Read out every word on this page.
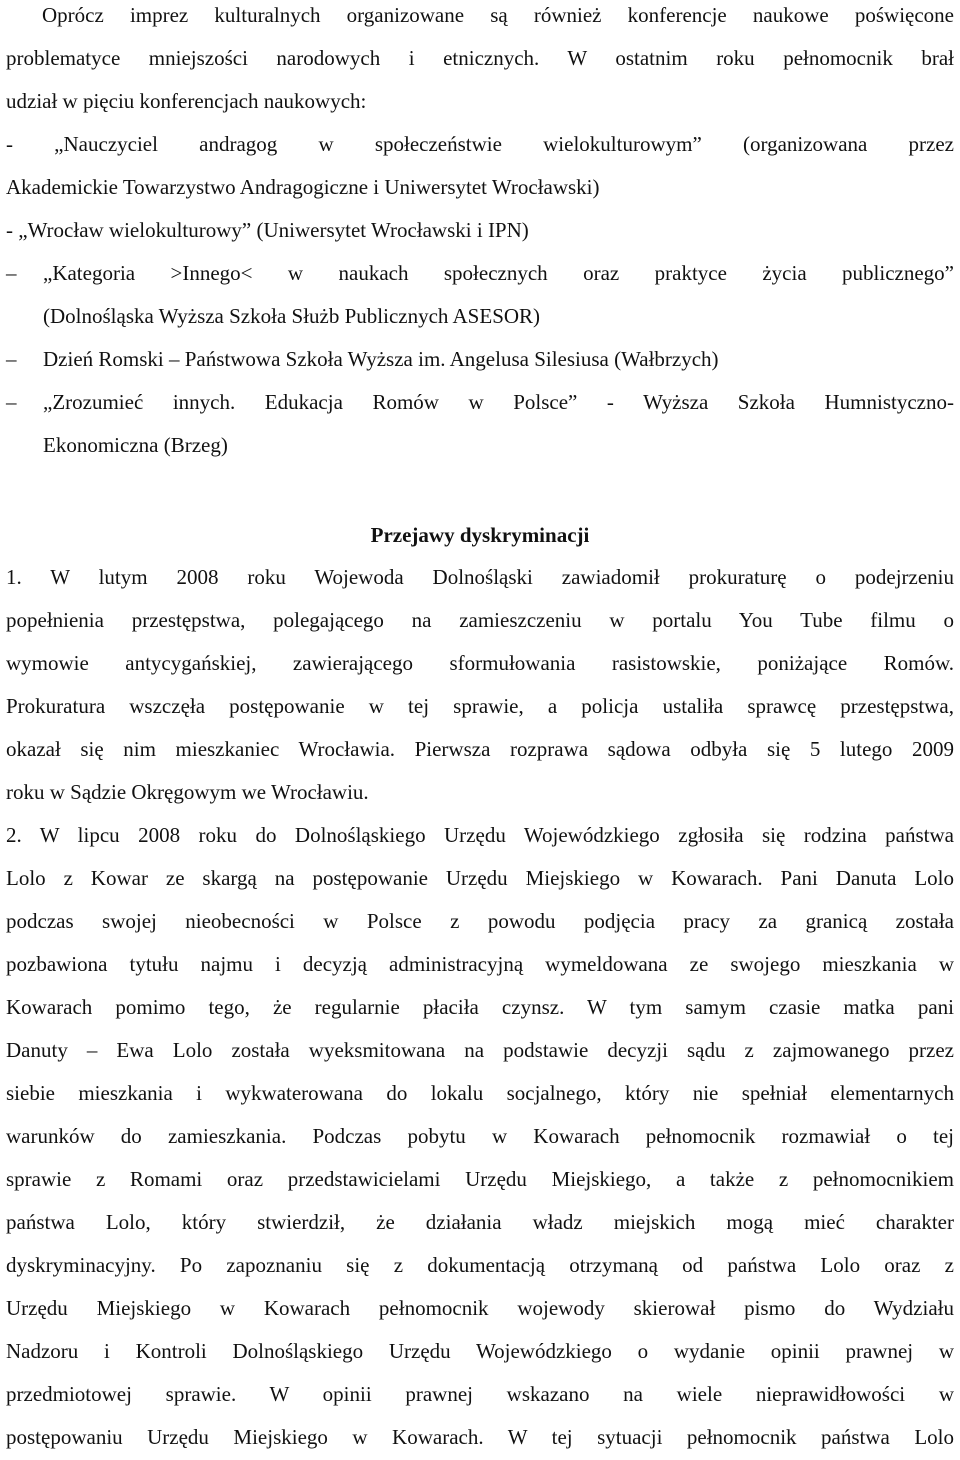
Oprócz imprez kulturalnych organizowane są również konferencje naukowe poświęcone
problematyce mniejszości narodowych i etnicznych. W ostatnim roku pełnomocnik brał
udział w pięciu konferencjach naukowych:
- „Nauczyciel andragog w społeczeństwie wielokulturowym” (organizowana przez
Akademickie Towarzystwo Andragogiczne i Uniwersytet Wrocławski)
- „Wrocław wielokulturowy” (Uniwersytet Wrocławski i IPN)
–	„Kategoria >Innego< w naukach społecznych oraz praktyce życia publicznego”
(Dolnośląska Wyższa Szkoła Służb Publicznych ASESOR)
–	Dzień Romski – Państwowa Szkoła Wyższa im. Angelusa Silesiusa (Wałbrzych)
–	„Zrozumieć innych. Edukacja Romów w Polsce” - Wyższa Szkoła Humnistyczno-
Ekonomiczna (Brzeg)
Przejawy dyskryminacji
1. W lutym 2008 roku Wojewoda Dolnośląski zawiadomił prokuraturę o podejrzeniu
popełnienia przestępstwa, polegającego na zamieszczeniu w portalu You Tube filmu o
wymowie antycygańskiej, zawierającego sformułowania rasistowskie, poniżające Romów.
Prokuratura wszczęła postępowanie w tej sprawie, a policja ustaliła sprawcę przestępstwa,
okazał się nim mieszkaniec Wrocławia. Pierwsza rozprawa sądowa odbyła się 5 lutego 2009
roku w Sądzie Okręgowym we Wrocławiu.
2. W lipcu 2008 roku do Dolnośląskiego Urzędu Wojewódzkiego zgłosiła się rodzina państwa
Lolo z Kowar ze skargą na postępowanie Urzędu Miejskiego w Kowarach. Pani Danuta Lolo
podczas swojej nieobecności w Polsce z powodu podjęcia pracy za granicą została
pozbawiona tytułu najmu i decyzją administracyjną wymeldowana ze swojego mieszkania w
Kowarach pomimo tego, że regularnie płaciła czynsz. W tym samym czasie matka pani
Danuty – Ewa Lolo została wyeksmitowana na podstawie decyzji sądu z zajmowanego przez
siebie mieszkania i wykwaterowana do lokalu socjalnego, który nie spełniał elementarnych
warunków do zamieszkania. Podczas pobytu w Kowarach pełnomocnik rozmawiał o tej
sprawie z Romami oraz przedstawicielami Urzędu Miejskiego, a także z pełnomocnikiem
państwa Lolo, który stwierdził, że działania władz miejskich mogą mieć charakter
dyskryminacyjny. Po zapoznaniu się z dokumentacją otrzymaną od państwa Lolo oraz z
Urzędu Miejskiego w Kowarach pełnomocnik wojewody skierował pismo do Wydziału
Nadzoru i Kontroli Dolnośląskiego Urzędu Wojewódzkiego o wydanie opinii prawnej w
przedmiotowej sprawie. W opinii prawnej wskazano na wiele nieprawidłowości w
postępowaniu Urzędu Miejskiego w Kowarach. W tej sytuacji pełnomocnik państwa Lolo
